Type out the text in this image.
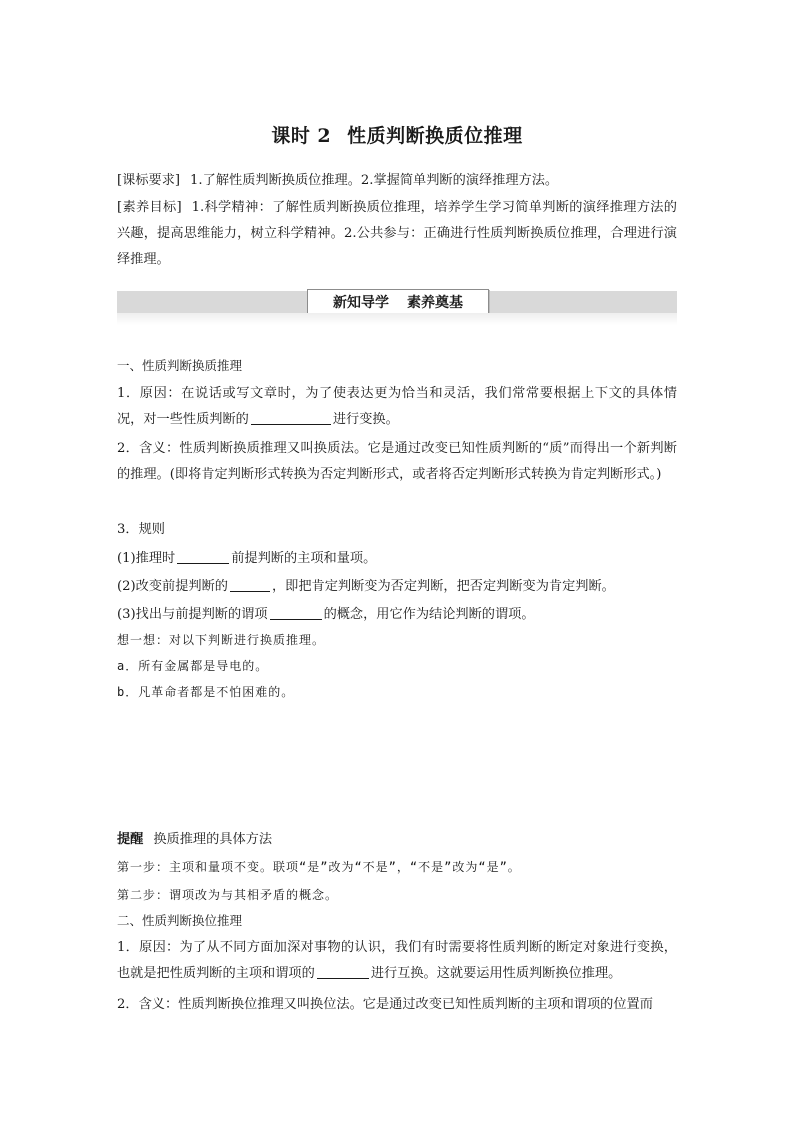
课时 2 性质判断换质位推理
[课标要求] 1.了解性质判断换质位推理。2.掌握简单判断的演绎推理方法。
[素养目标] 1.科学精神：了解性质判断换质位推理，培养学生学习简单判断的演绎推理方法的兴趣，提高思维能力，树立科学精神。2.公共参与：正确进行性质判断换质位推理，合理进行演绎推理。
新知导学 素养奠基
一、性质判断换质推理
1．原因：在说话或写文章时，为了使表达更为恰当和灵活，我们常常要根据上下文的具体情况，对一些性质判断的	进行变换。
2．含义：性质判断换质推理又叫换质法。它是通过改变已知性质判断的“质”而得出一个新判断的推理。(即将肯定判断形式转换为否定判断形式，或者将否定判断形式转换为肯定判断形式。)
3．规则
(1)推理时	前提判断的主项和量项。
(2)改变前提判断的	，即把肯定判断变为否定判断，把否定判断变为肯定判断。
(3)找出与前提判断的谓项	的概念，用它作为结论判断的谓项。
想一想：对以下判断进行换质推理。
a．所有金属都是导电的。
b．凡革命者都是不怕困难的。
提醒 换质推理的具体方法
第一步：主项和量项不变。联项“是”改为“不是”，“不是”改为“是”。
第二步：谓项改为与其相矛盾的概念。
二、性质判断换位推理
1．原因：为了从不同方面加深对事物的认识，我们有时需要将性质判断的断定对象进行变换，也就是把性质判断的主项和谓项的	进行互换。这就要运用性质判断换位推理。
2．含义：性质判断换位推理又叫换位法。它是通过改变已知性质判断的主项和谓项的位置而
